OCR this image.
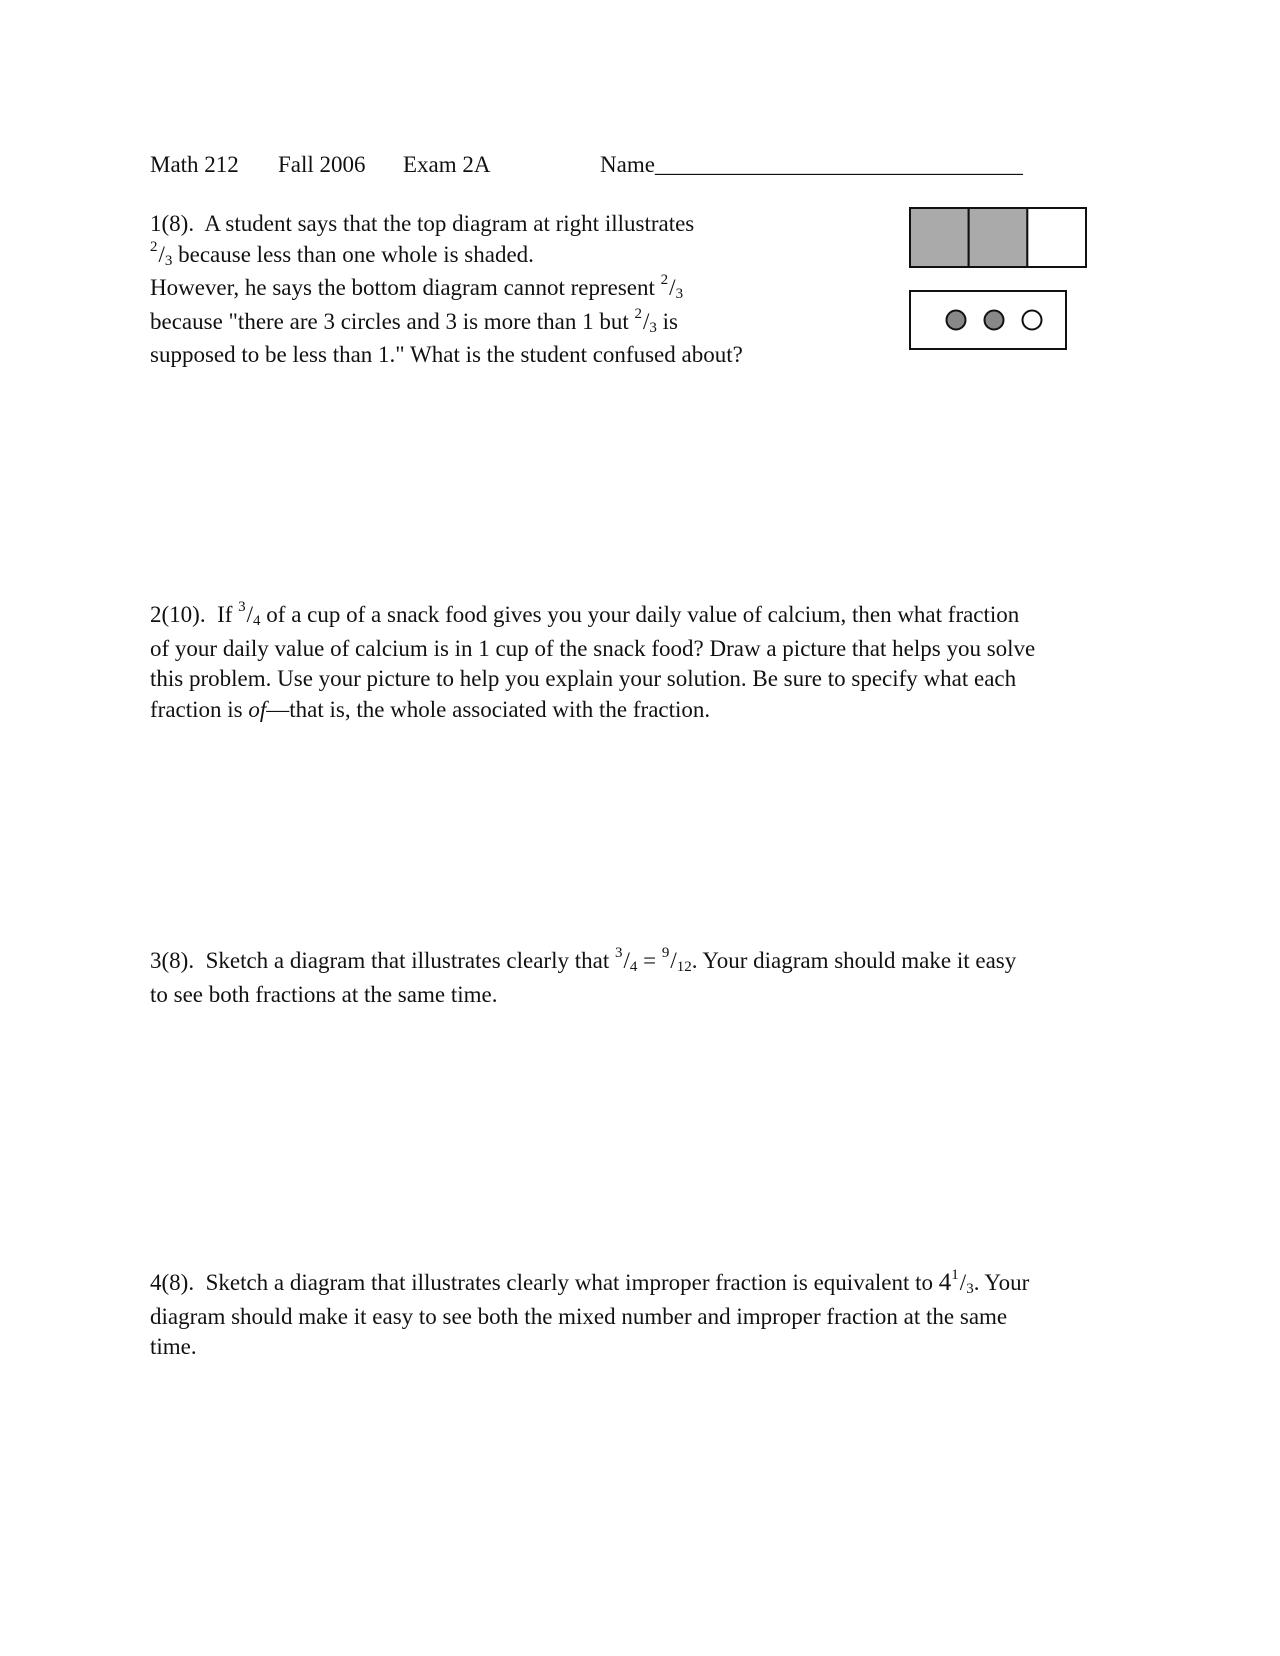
Math 212 Fall 2006 Exam 2A	Name________________________________
1(8). A student says that the top diagram at right illustrates
$^2$/3 because less than one whole is shaded.
However, he says the bottom diagram cannot represent $^2$/3
because "there are 3 circles and 3 is more than 1 but $^2$/3 is
supposed to be less than 1." What is the student confused about?
2(10). If $^3$/4 of a cup of a snack food gives you your daily value of calcium, then what fraction
of your daily value of calcium is in 1 cup of the snack food? Draw a picture that helps you solve
this problem. Use your picture to help you explain your solution. Be sure to specify what each
fraction is of—that is, the whole associated with the fraction.
3(8). Sketch a diagram that illustrates clearly that $^3$/4 = $^9$/12. Your diagram should make it easy
to see both fractions at the same time.
4(8). Sketch a diagram that illustrates clearly what improper fraction is equivalent to $4^1/3$. Your
diagram should make it easy to see both the mixed number and improper fraction at the same
time.
